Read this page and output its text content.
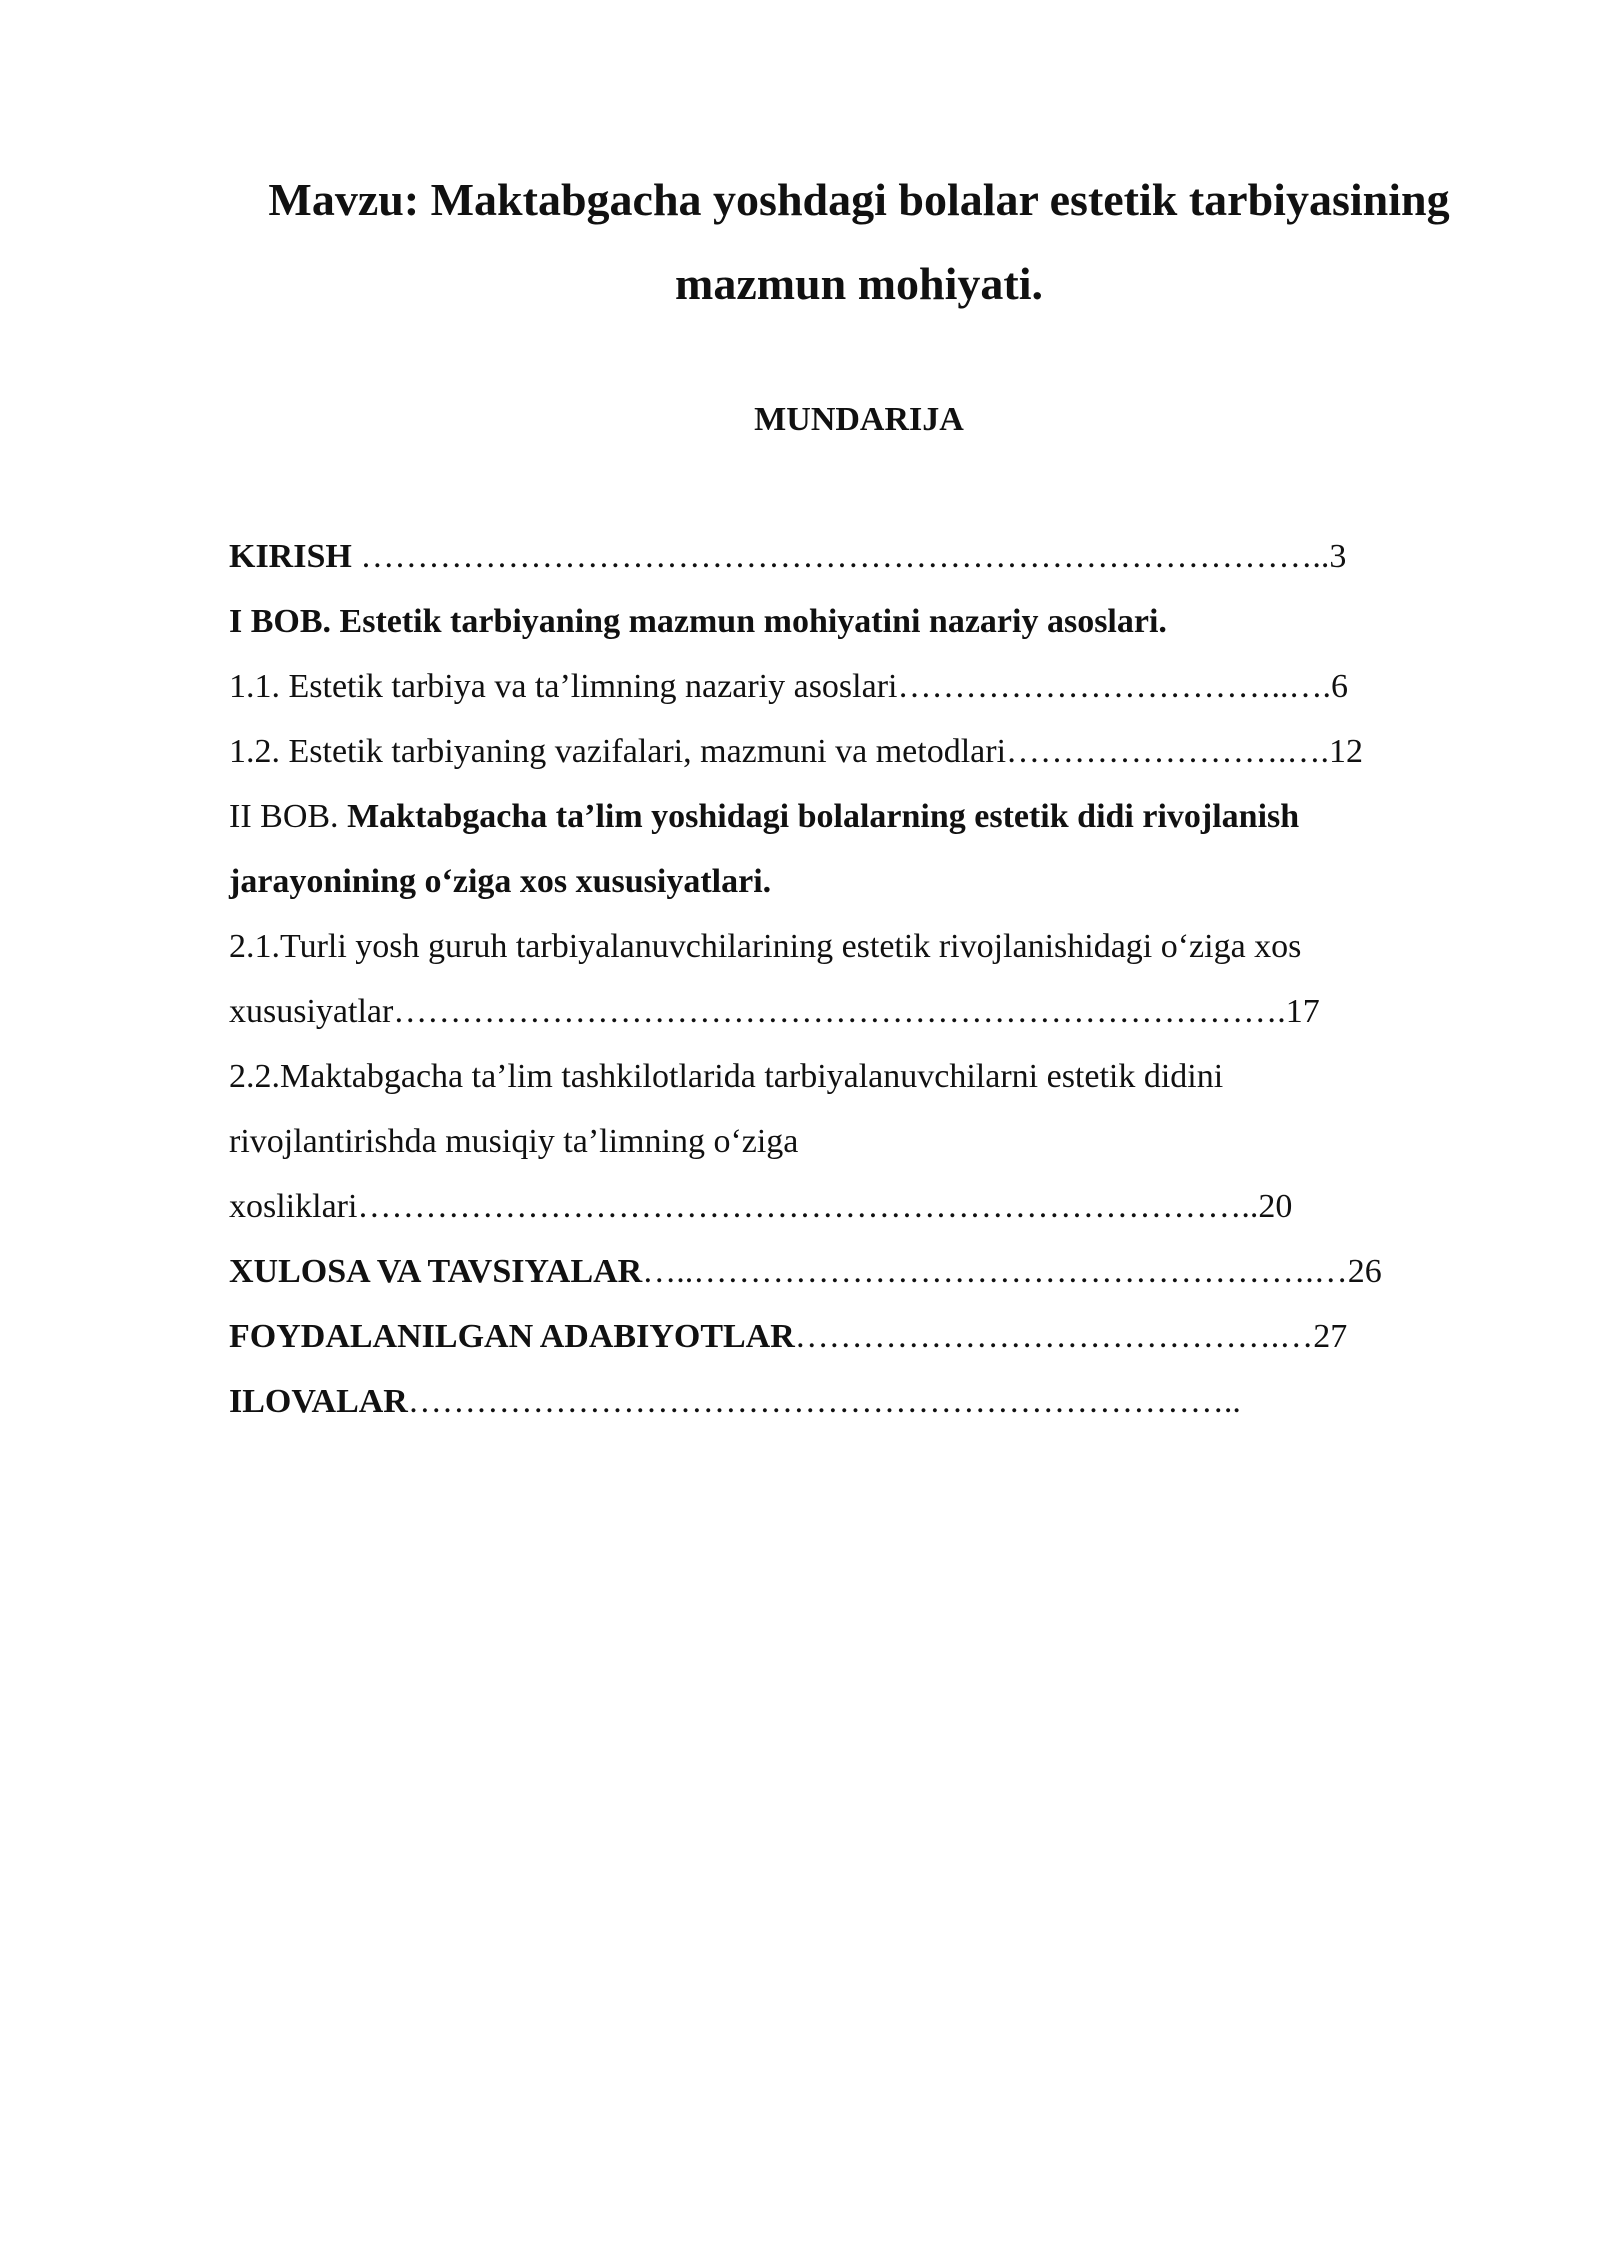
Mavzu: Maktabgacha yoshdagi bolalar estetik tarbiyasining
mazmun mohiyati.
MUNDARIJA

KIRISH …………………………………………………………………………..3

I BOB. Estetik tarbiyaning mazmun mohiyatini nazariy asoslari.

1.1. Estetik tarbiya va ta’limning nazariy asoslari……………………………..….6

1.2. Estetik tarbiyaning vazifalari, mazmuni va metodlari…………………….….12

II BOB. Maktabgacha ta’lim yoshidagi bolalarning estetik didi rivojlanish

jarayonining o‘ziga xos xususiyatlari.

2.1.Turli yosh guruh tarbiyalanuvchilarining estetik rivojlanishidagi o‘ziga xos

xususiyatlar…………………………………………………………………….17

2.2.Maktabgacha ta’lim tashkilotlarida tarbiyalanuvchilarni estetik didini

rivojlantirishda musiqiy ta’limning o‘ziga

xosliklari……………………………………………………………………..20

XULOSA VA TAVSIYALAR…..……………………………………………….…26

FOYDALANILGAN ADABIYOTLAR…………………………………….…27

ILOVALAR………………………………………………………………..
